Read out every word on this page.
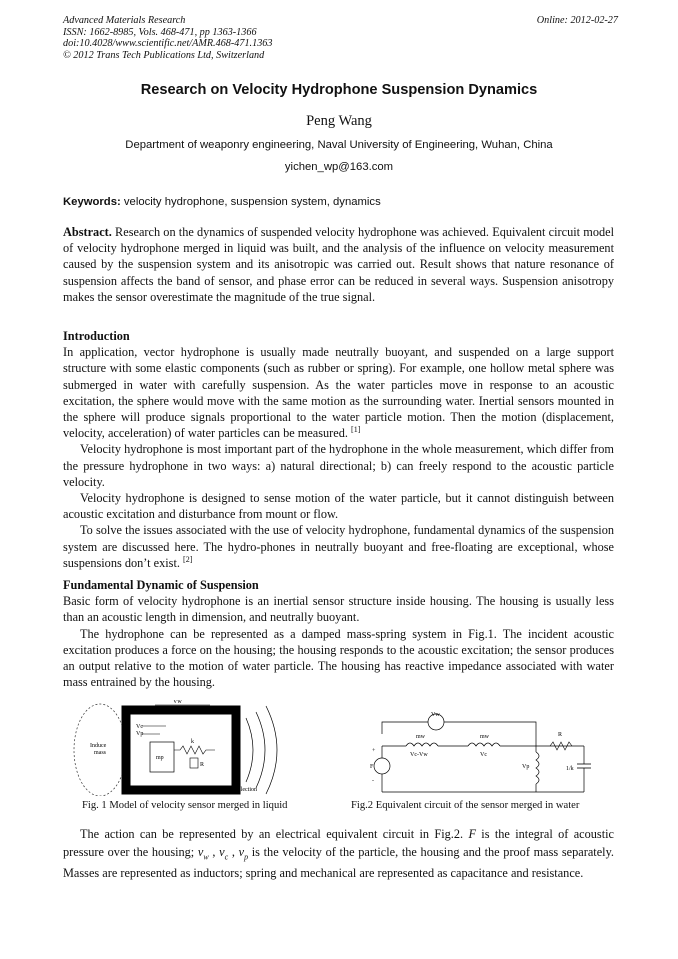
Advanced Materials Research
ISSN: 1662-8985, Vols. 468-471, pp 1363-1366
doi:10.4028/www.scientific.net/AMR.468-471.1363
© 2012 Trans Tech Publications Ltd, Switzerland
Online: 2012-02-27
Research on Velocity Hydrophone Suspension Dynamics
Peng Wang
Department of weaponry engineering, Naval University of Engineering, Wuhan, China
yichen_wp@163.com
Keywords: velocity hydrophone, suspension system, dynamics

Abstract. Research on the dynamics of suspended velocity hydrophone was achieved. Equivalent circuit model of velocity hydrophone merged in liquid was built, and the analysis of the influence on velocity measurement caused by the suspension system and its anisotropic was carried out. Result shows that nature resonance of suspension affects the band of sensor, and phase error can be reduced in several ways. Suspension anisotropy makes the sensor overestimate the magnitude of the true signal.

Introduction

In application, vector hydrophone is usually made neutrally buoyant, and suspended on a large support structure with some elastic components (such as rubber or spring). For example, one hollow metal sphere was submerged in water with carefully suspension. As the water particles move in response to an acoustic excitation, the sphere would move with the same motion as the surrounding water. Inertial sensors mounted in the sphere will produce signals proportional to the water particle motion. Then the motion (displacement, velocity, acceleration) of water particles can be measured. [1]

Velocity hydrophone is most important part of the hydrophone in the whole measurement, which differ from the pressure hydrophone in two ways: a) natural directional; b) can freely respond to the acoustic particle velocity.

Velocity hydrophone is designed to sense motion of the water particle, but it cannot distinguish between acoustic excitation and disturbance from mount or flow.

To solve the issues associated with the use of velocity hydrophone, fundamental dynamics of the suspension system are discussed here. The hydro-phones in neutrally buoyant and free-floating are exceptional, whose suspensions don’t exist. [2]

Fundamental Dynamic of Suspension

Basic form of velocity hydrophone is an inertial sensor structure inside housing. The housing is usually less than an acoustic length in dimension, and neutrally buoyant.

The hydrophone can be represented as a damped mass-spring system in Fig.1. The incident acoustic excitation produces a force on the housing; the housing responds to the acoustic excitation; the sensor produces an output relative to the motion of water particle. The housing has reactive impedance associated with water mass entrained by the housing.

Induce
mass
Vw
drag
Vc
Vp
mp
k
R
mw	reflection
Fig. 1 Model of velocity sensor merged in liquid
Vw
mw	mw
Vc-Vw	Vc
R
+
-
F	Vp	1/k
Fig.2 Equivalent circuit of the sensor merged in water

The action can be represented by an electrical equivalent circuit in Fig.2. F is the integral of acoustic pressure over the housing; $v_w$ , $v_c$ , $v_p$ is the velocity of the particle, the housing and the proof mass separately. Masses are represented as inductors; spring and mechanical are represented as capacitance and resistance.
